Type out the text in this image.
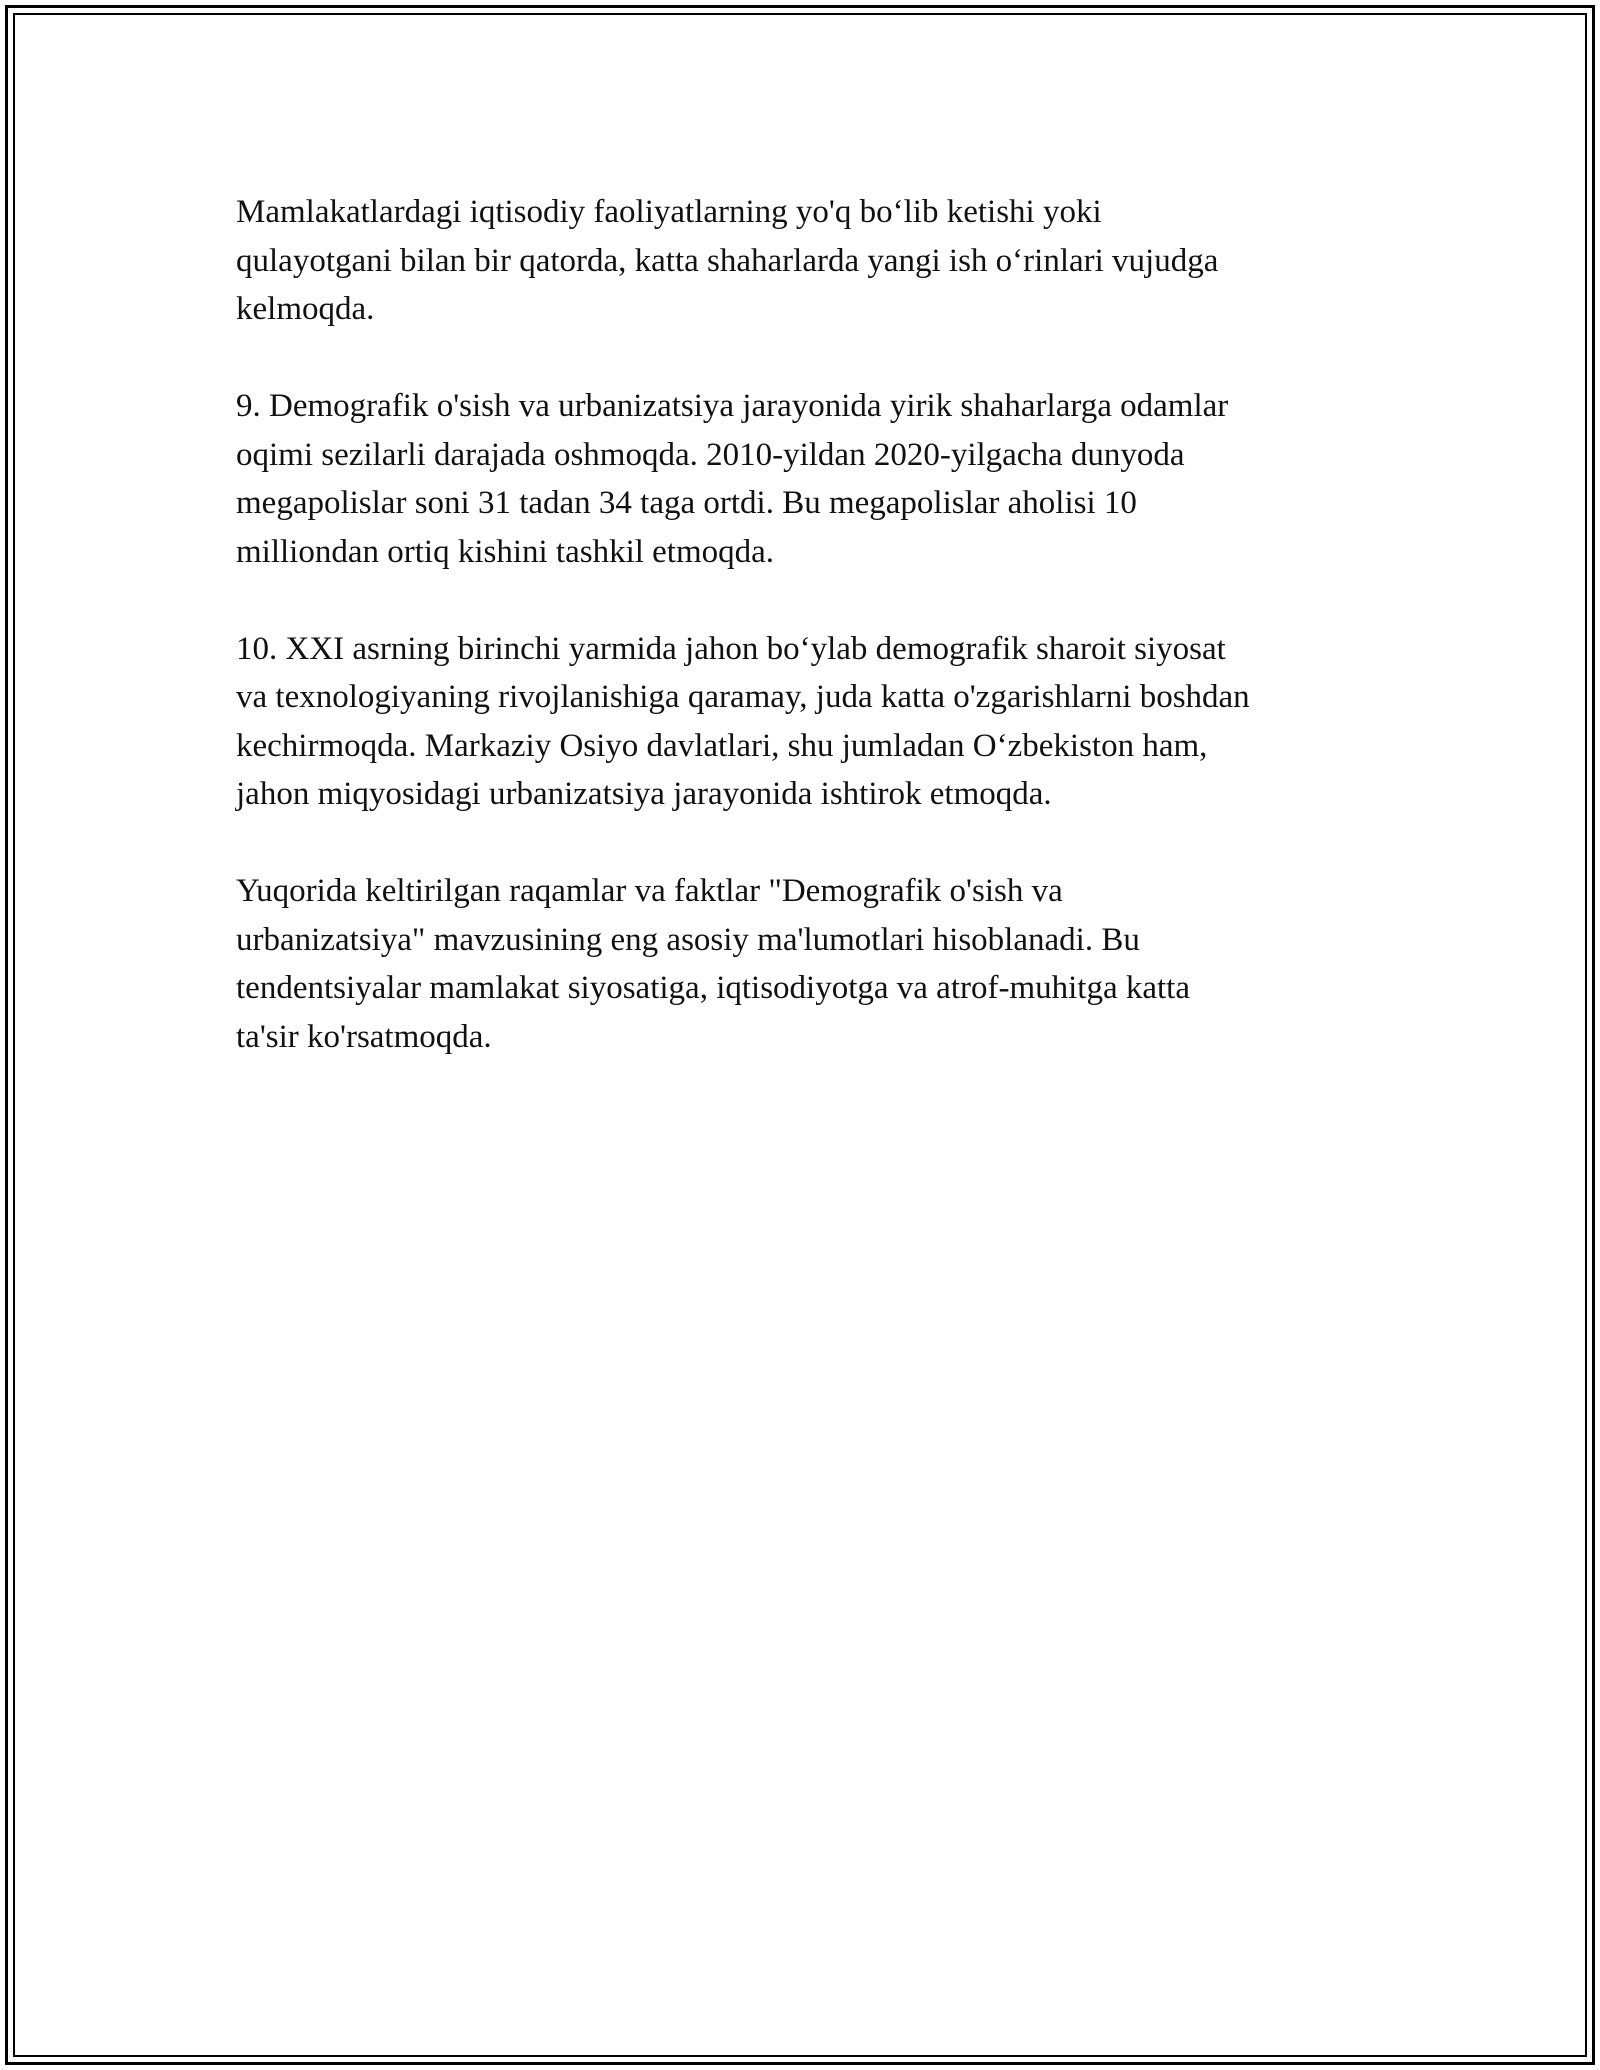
Mamlakatlardagi iqtisodiy faoliyatlarning yo'q bo‘lib ketishi yoki
qulayotgani bilan bir qatorda, katta shaharlarda yangi ish o‘rinlari vujudga
kelmoqda.

9. Demografik o'sish va urbanizatsiya jarayonida yirik shaharlarga odamlar
oqimi sezilarli darajada oshmoqda. 2010-yildan 2020-yilgacha dunyoda
megapolislar soni 31 tadan 34 taga ortdi. Bu megapolislar aholisi 10
milliondan ortiq kishini tashkil etmoqda.

10. XXI asrning birinchi yarmida jahon bo‘ylab demografik sharoit siyosat
va texnologiyaning rivojlanishiga qaramay, juda katta o'zgarishlarni boshdan
kechirmoqda. Markaziy Osiyo davlatlari, shu jumladan O‘zbekiston ham,
jahon miqyosidagi urbanizatsiya jarayonida ishtirok etmoqda.

Yuqorida keltirilgan raqamlar va faktlar "Demografik o'sish va
urbanizatsiya" mavzusining eng asosiy ma'lumotlari hisoblanadi. Bu
tendentsiyalar mamlakat siyosatiga, iqtisodiyotga va atrof-muhitga katta
ta'sir ko'rsatmoqda.
